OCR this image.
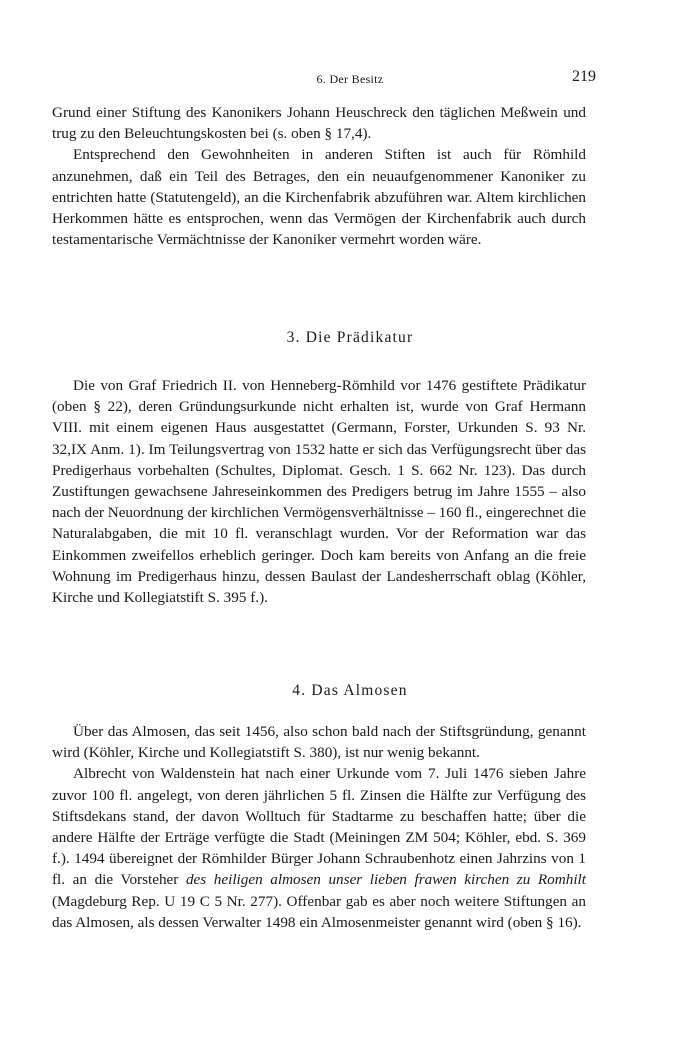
6. Der Besitz	219

Grund einer Stiftung des Kanonikers Johann Heuschreck den täglichen Meßwein und trug zu den Beleuchtungskosten bei (s. oben § 17,4).

Entsprechend den Gewohnheiten in anderen Stiften ist auch für Römhild anzunehmen, daß ein Teil des Betrages, den ein neuaufgenommener Kanoniker zu entrichten hatte (Statutengeld), an die Kirchenfabrik abzuführen war. Altem kirchlichen Herkommen hätte es entsprochen, wenn das Vermögen der Kirchenfabrik auch durch testamentarische Vermächtnisse der Kanoniker vermehrt worden wäre.

3. Die Prädikatur

Die von Graf Friedrich II. von Henneberg-Römhild vor 1476 gestiftete Prädikatur (oben § 22), deren Gründungsurkunde nicht erhalten ist, wurde von Graf Hermann VIII. mit einem eigenen Haus ausgestattet (Germann, Forster, Urkunden S. 93 Nr. 32,IX Anm. 1). Im Teilungsvertrag von 1532 hatte er sich das Verfügungsrecht über das Predigerhaus vorbehalten (Schultes, Diplomat. Gesch. 1 S. 662 Nr. 123). Das durch Zustiftungen gewachsene Jahreseinkommen des Predigers betrug im Jahre 1555 – also nach der Neuordnung der kirchlichen Vermögensverhältnisse – 160 fl., eingerechnet die Naturalabgaben, die mit 10 fl. veranschlagt wurden. Vor der Reformation war das Einkommen zweifellos erheblich geringer. Doch kam bereits von Anfang an die freie Wohnung im Predigerhaus hinzu, dessen Baulast der Landesherrschaft oblag (Köhler, Kirche und Kollegiatstift S. 395 f.).

4. Das Almosen

Über das Almosen, das seit 1456, also schon bald nach der Stiftsgründung, genannt wird (Köhler, Kirche und Kollegiatstift S. 380), ist nur wenig bekannt.

Albrecht von Waldenstein hat nach einer Urkunde vom 7. Juli 1476 sieben Jahre zuvor 100 fl. angelegt, von deren jährlichen 5 fl. Zinsen die Hälfte zur Verfügung des Stiftsdekans stand, der davon Wolltuch für Stadtarme zu beschaffen hatte; über die andere Hälfte der Erträge verfügte die Stadt (Meiningen ZM 504; Köhler, ebd. S. 369 f.). 1494 übereignet der Römhilder Bürger Johann Schraubenhotz einen Jahrzins von 1 fl. an die Vorsteher des heiligen almosen unser lieben frawen kirchen zu Romhilt (Magdeburg Rep. U 19 C 5 Nr. 277). Offenbar gab es aber noch weitere Stiftungen an das Almosen, als dessen Verwalter 1498 ein Almosenmeister genannt wird (oben § 16).
